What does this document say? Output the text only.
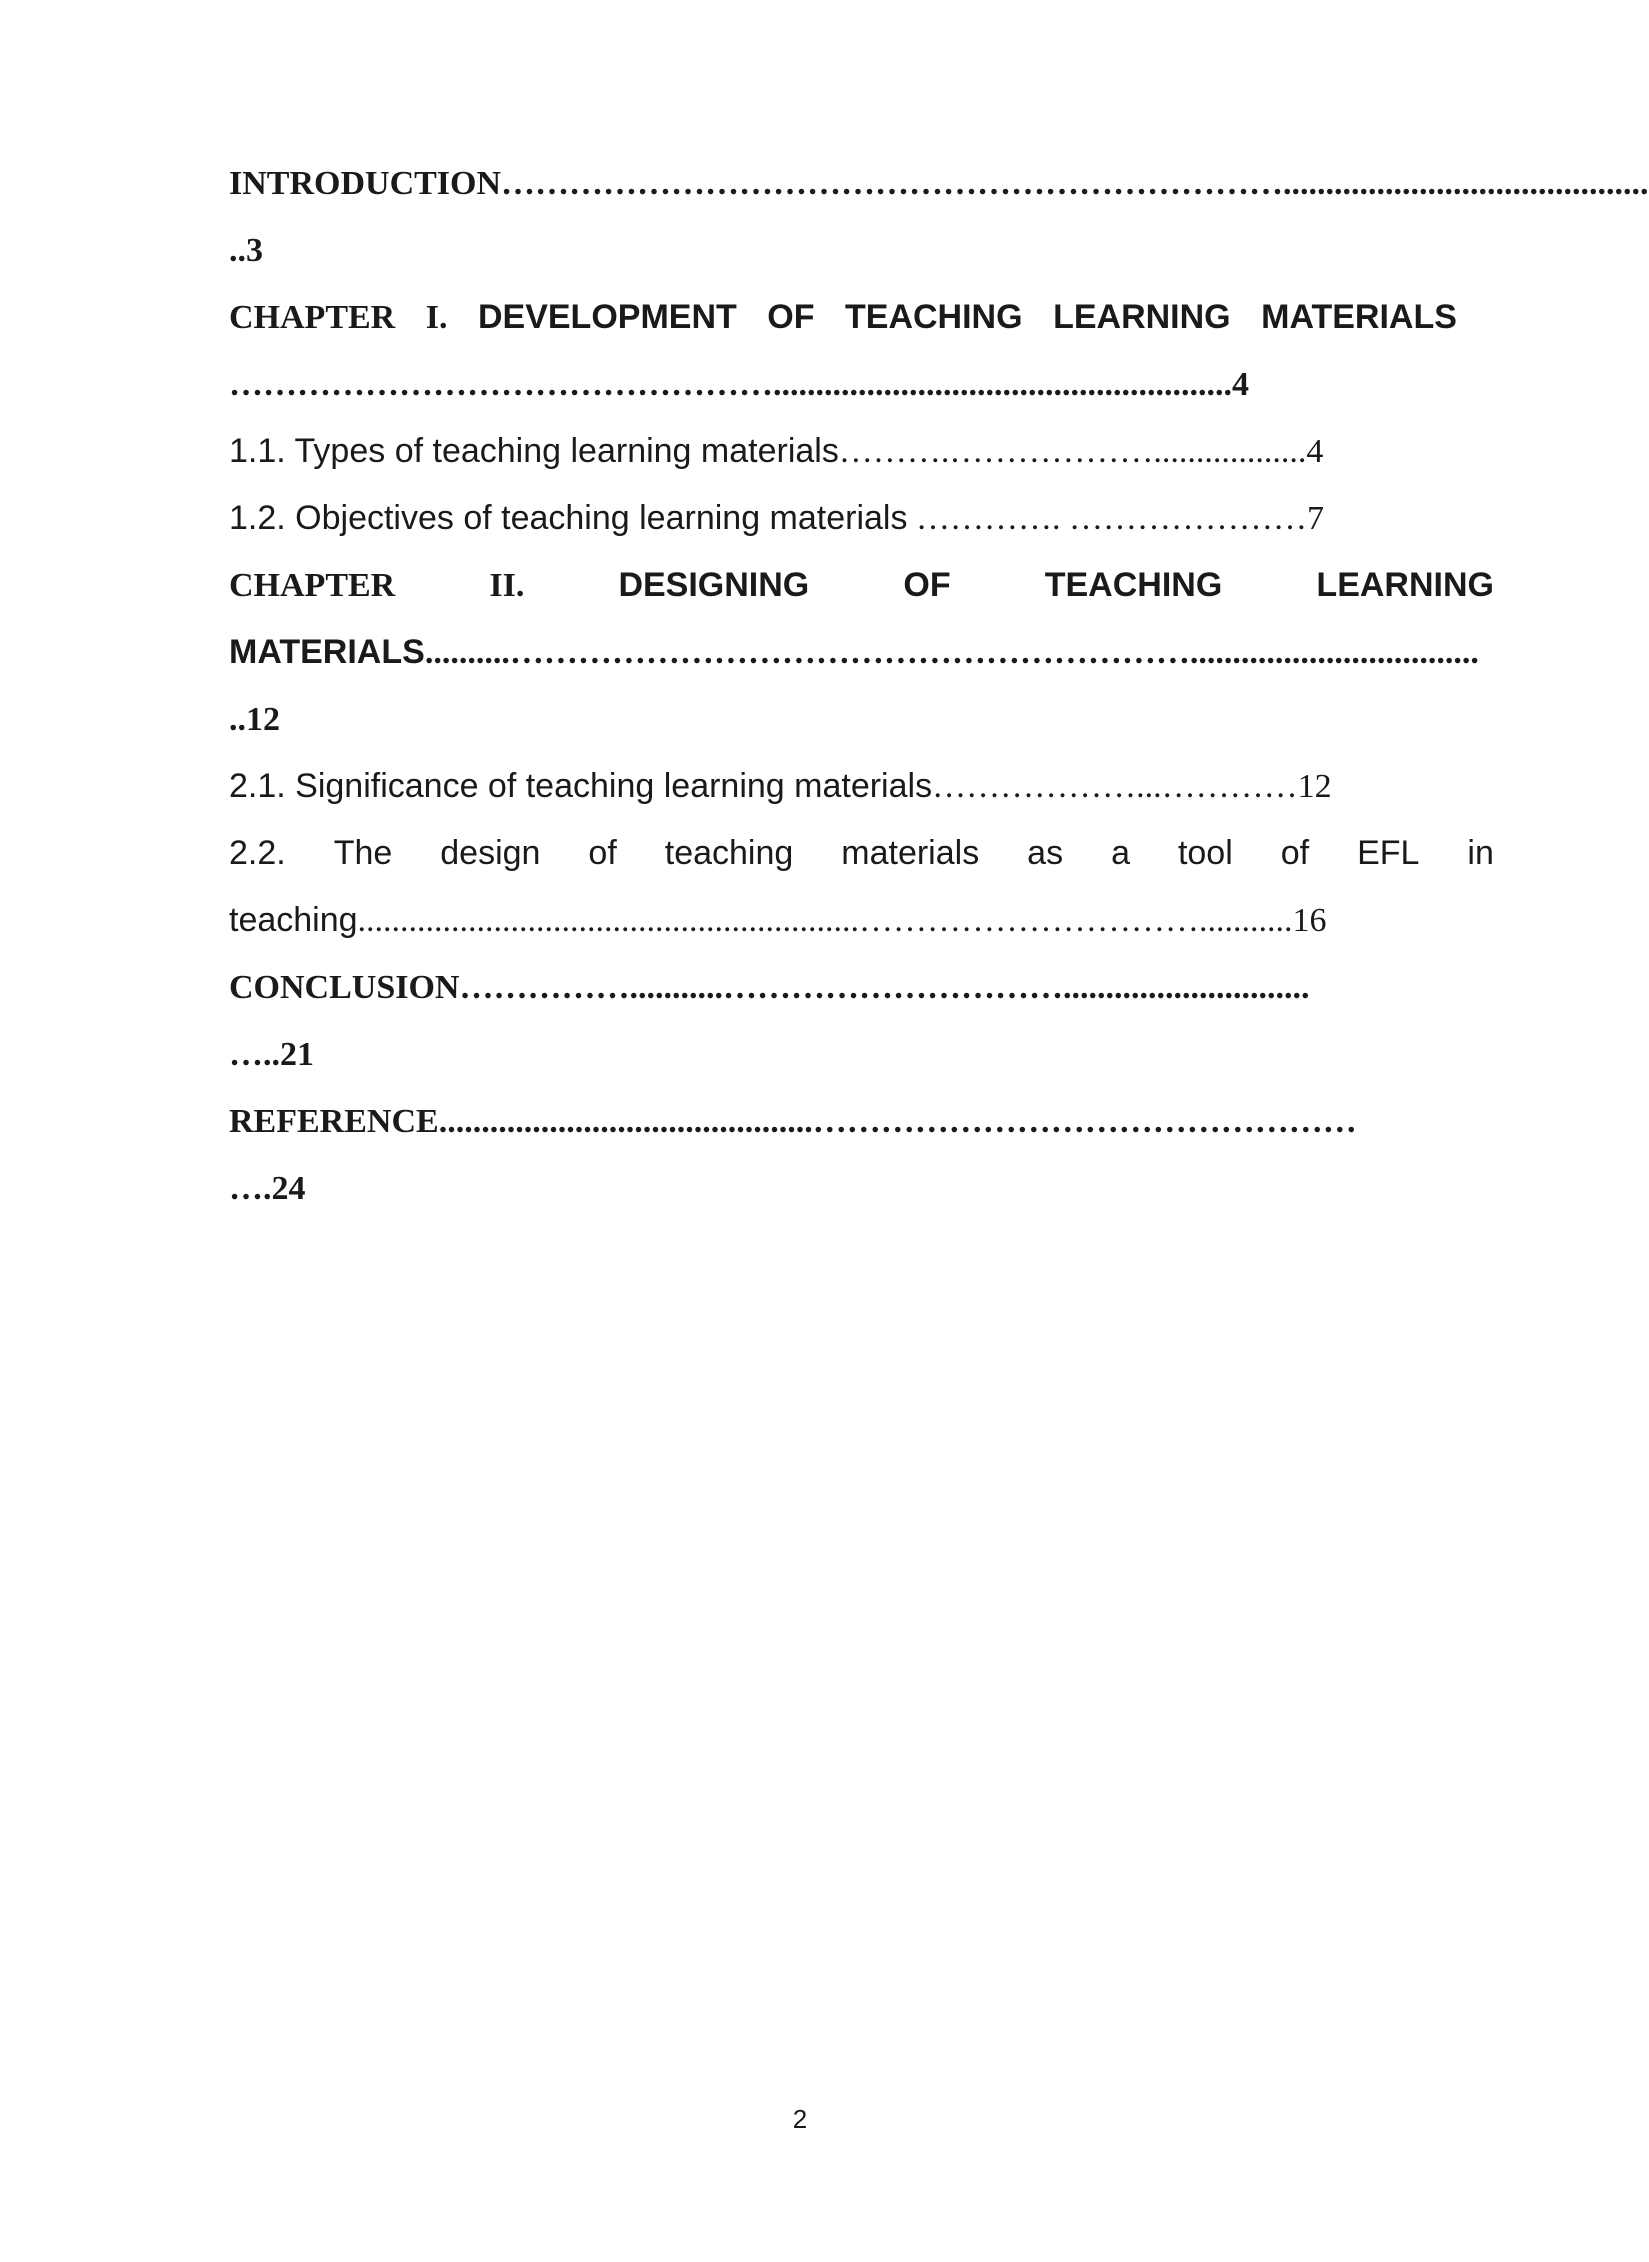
INTRODUCTION……………………………………………………………...........................................

..3

CHAPTER I. DEVELOPMENT OF TEACHING LEARNING MATERIALS

…………………………………………......................................................4

1.1. Types of teaching learning materials……….………………..................4

1.2. Objectives of teaching learning materials …………. …………………7

CHAPTER	II.	DESIGNING	OF	TEACHING	LEARNING

MATERIALS..........……………………………………………………..................................

..12

2.1. Significance of teaching learning materials………………...…………12

2.2. The design of teaching materials as a tool of EFL in

teaching...........................................................…………………………...........16

CONCLUSION……………...........………………………….............................

…..21

REFERENCE............................................…………………………………………

….24

2
